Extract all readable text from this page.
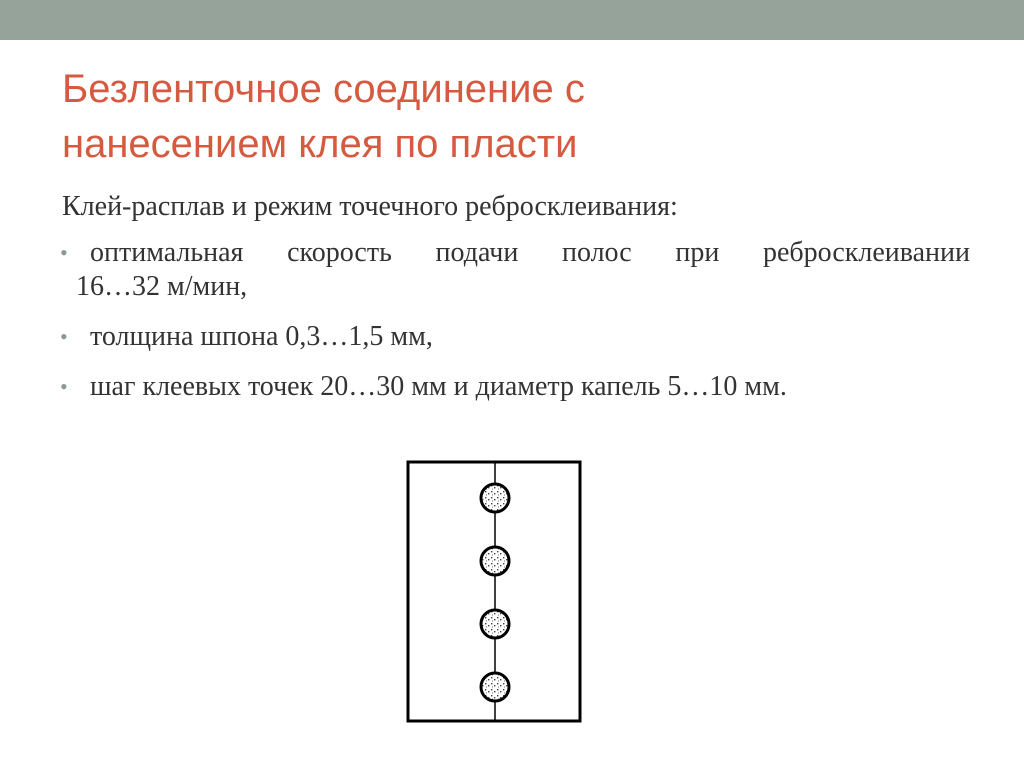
Безленточное соединение с
нанесением клея по пласти
Клей-расплав и режим точечного ребросклеивания:
• оптимальная скорость подачи полос при ребросклеивании
16…32 м/мин,
• толщина шпона 0,3…1,5 мм,
• шаг клеевых точек 20…30 мм и диаметр капель 5…10 мм.
